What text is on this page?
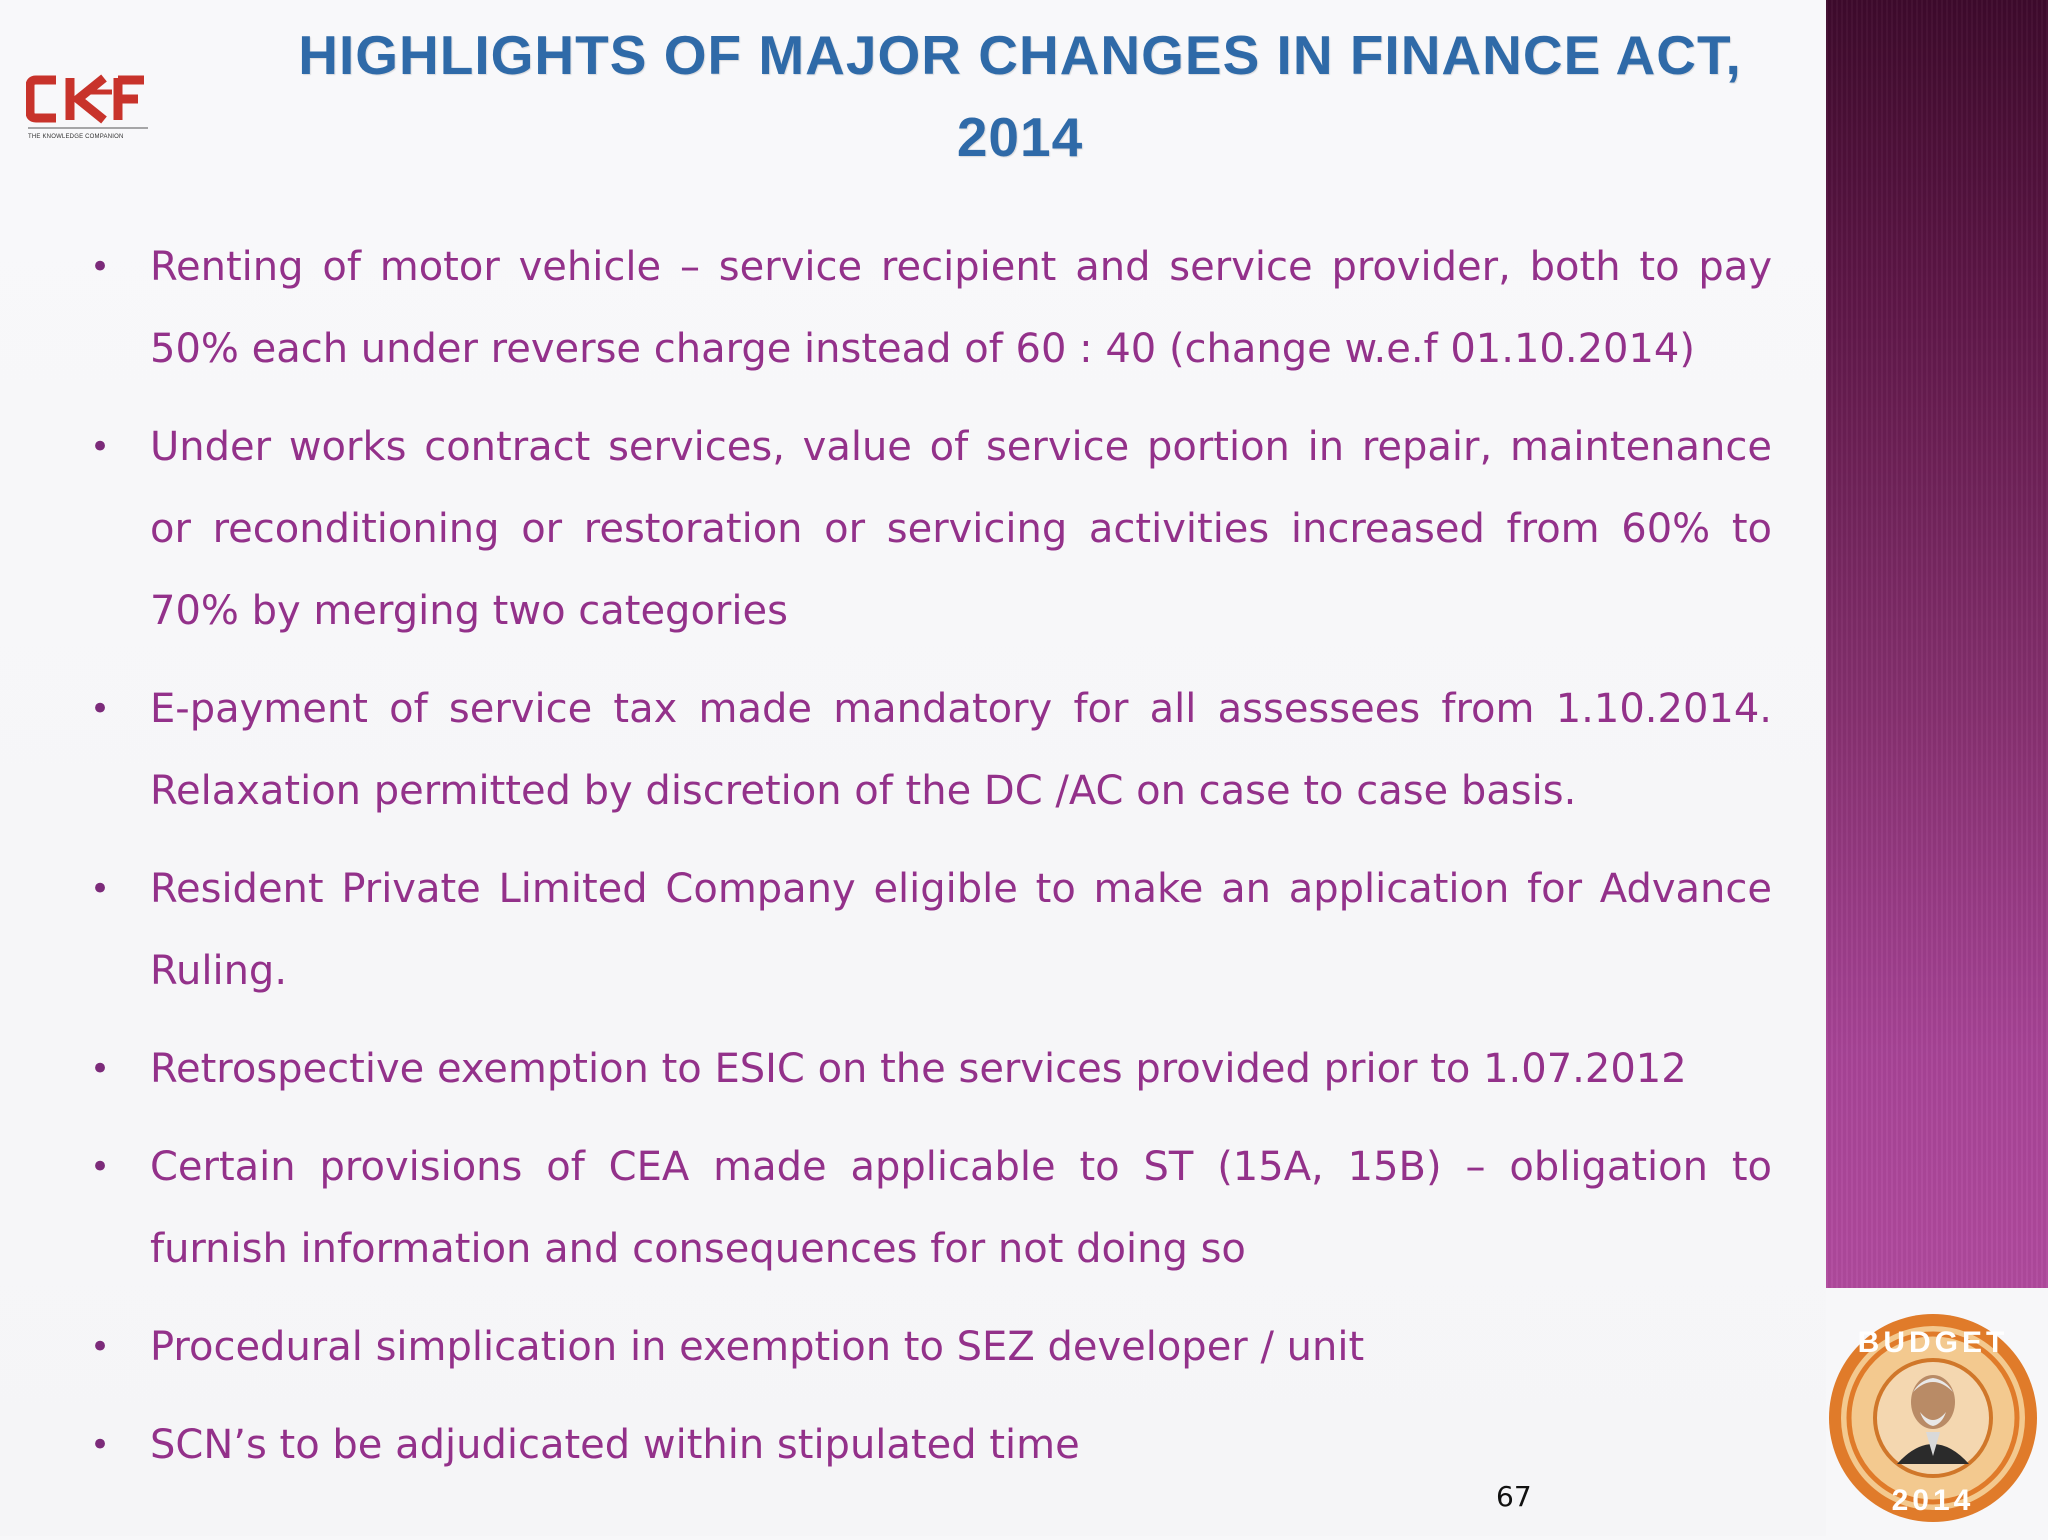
THE KNOWLEDGE COMPANION
HIGHLIGHTS OF MAJOR CHANGES IN FINANCE ACT, 2014
• Renting of motor vehicle – service recipient and service provider, both to pay 50% each under reverse charge instead of 60 : 40 (change w.e.f 01.10.2014)
• Under works contract services, value of service portion in repair, maintenance or reconditioning or restoration or servicing activities increased from 60% to 70% by merging two categories
• E-payment of service tax made mandatory for all assessees from 1.10.2014. Relaxation permitted by discretion of the DC /AC on case to case basis.
• Resident Private Limited Company eligible to make an application for Advance Ruling.
• Retrospective exemption to ESIC on the services provided prior to 1.07.2012
• Certain provisions of CEA made applicable to ST (15A, 15B) – obligation to furnish information and consequences for not doing so
• Procedural simplication in exemption to SEZ developer / unit
• SCN’s to be adjudicated within stipulated time
67
BUDGET
2014
